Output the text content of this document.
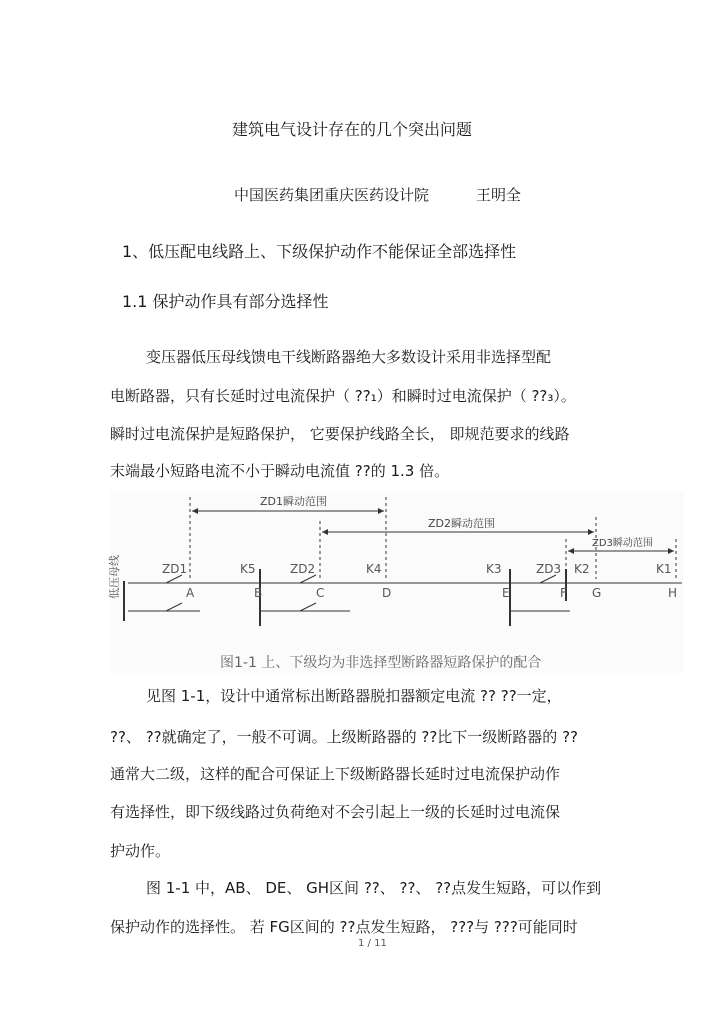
建筑电气设计存在的几个突出问题
中国医药集团重庆医药设计院	王明全
1、低压配电线路上、下级保护动作不能保证全部选择性
1.1 保护动作具有部分选择性
变压器低压母线馈电干线断路器绝大多数设计采用非选择型配
电断路器，只有长延时过电流保护（ ??₁）和瞬时过电流保护（ ??₃）。
瞬时过电流保护是短路保护， 它要保护线路全长， 即规范要求的线路
末端最小短路电流不小于瞬动电流值 ??的 1.3 倍。
ZD1瞬动范围
ZD2瞬动范围
ZD3瞬动范围
ZD1	ZD2	ZD3
K5	K4	K3	K2	K1
A	B	C	D	E	F G	H
低压母线
图1-1 上、下级均为非选择型断路器短路保护的配合
见图 1-1，设计中通常标出断路器脱扣器额定电流 ?? ??一定，
??、 ??就确定了，一般不可调。上级断路器的 ??比下一级断路器的 ??
通常大二级，这样的配合可保证上下级断路器长延时过电流保护动作
有选择性，即下级线路过负荷绝对不会引起上一级的长延时过电流保
护动作。
图 1-1 中，AB、 DE、 GH区间 ??、 ??、 ??点发生短路，可以作到
保护动作的选择性。 若 FG区间的 ??点发生短路， ???与 ???可能同时
1 / 11
